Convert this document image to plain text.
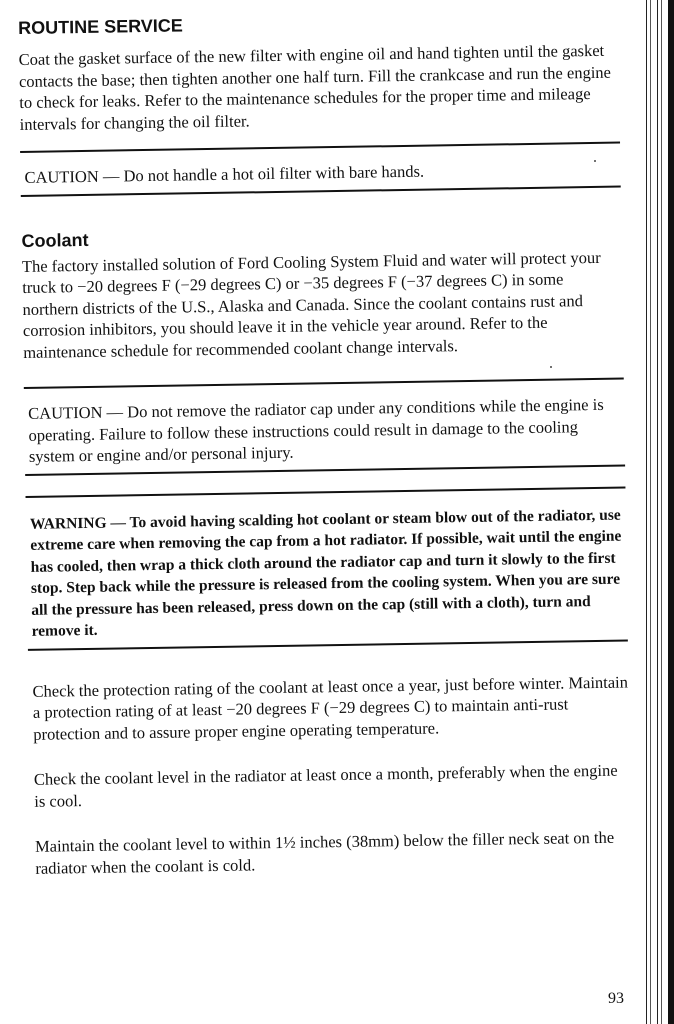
ROUTINE SERVICE

Coat the gasket surface of the new filter with engine oil and hand tighten until the gasket contacts the base; then tighten another one half turn. Fill the crankcase and run the engine to check for leaks. Refer to the maintenance schedules for the proper time and mileage intervals for changing the oil filter.

CAUTION — Do not handle a hot oil filter with bare hands.

Coolant

The factory installed solution of Ford Cooling System Fluid and water will protect your truck to −20 degrees F (−29 degrees C) or −35 degrees F (−37 degrees C) in some northern districts of the U.S., Alaska and Canada. Since the coolant contains rust and corrosion inhibitors, you should leave it in the vehicle year around. Refer to the maintenance schedule for recommended coolant change intervals.

CAUTION — Do not remove the radiator cap under any conditions while the engine is operating. Failure to follow these instructions could result in damage to the cooling system or engine and/or personal injury.

WARNING — To avoid having scalding hot coolant or steam blow out of the radiator, use extreme care when removing the cap from a hot radiator. If possible, wait until the engine has cooled, then wrap a thick cloth around the radiator cap and turn it slowly to the first stop. Step back while the pressure is released from the cooling system. When you are sure all the pressure has been released, press down on the cap (still with a cloth), turn and remove it.

Check the protection rating of the coolant at least once a year, just before winter. Maintain a protection rating of at least −20 degrees F (−29 degrees C) to maintain anti-rust protection and to assure proper engine operating temperature.

Check the coolant level in the radiator at least once a month, preferably when the engine is cool.

Maintain the coolant level to within 1½ inches (38mm) below the filler neck seat on the radiator when the coolant is cold.

93
